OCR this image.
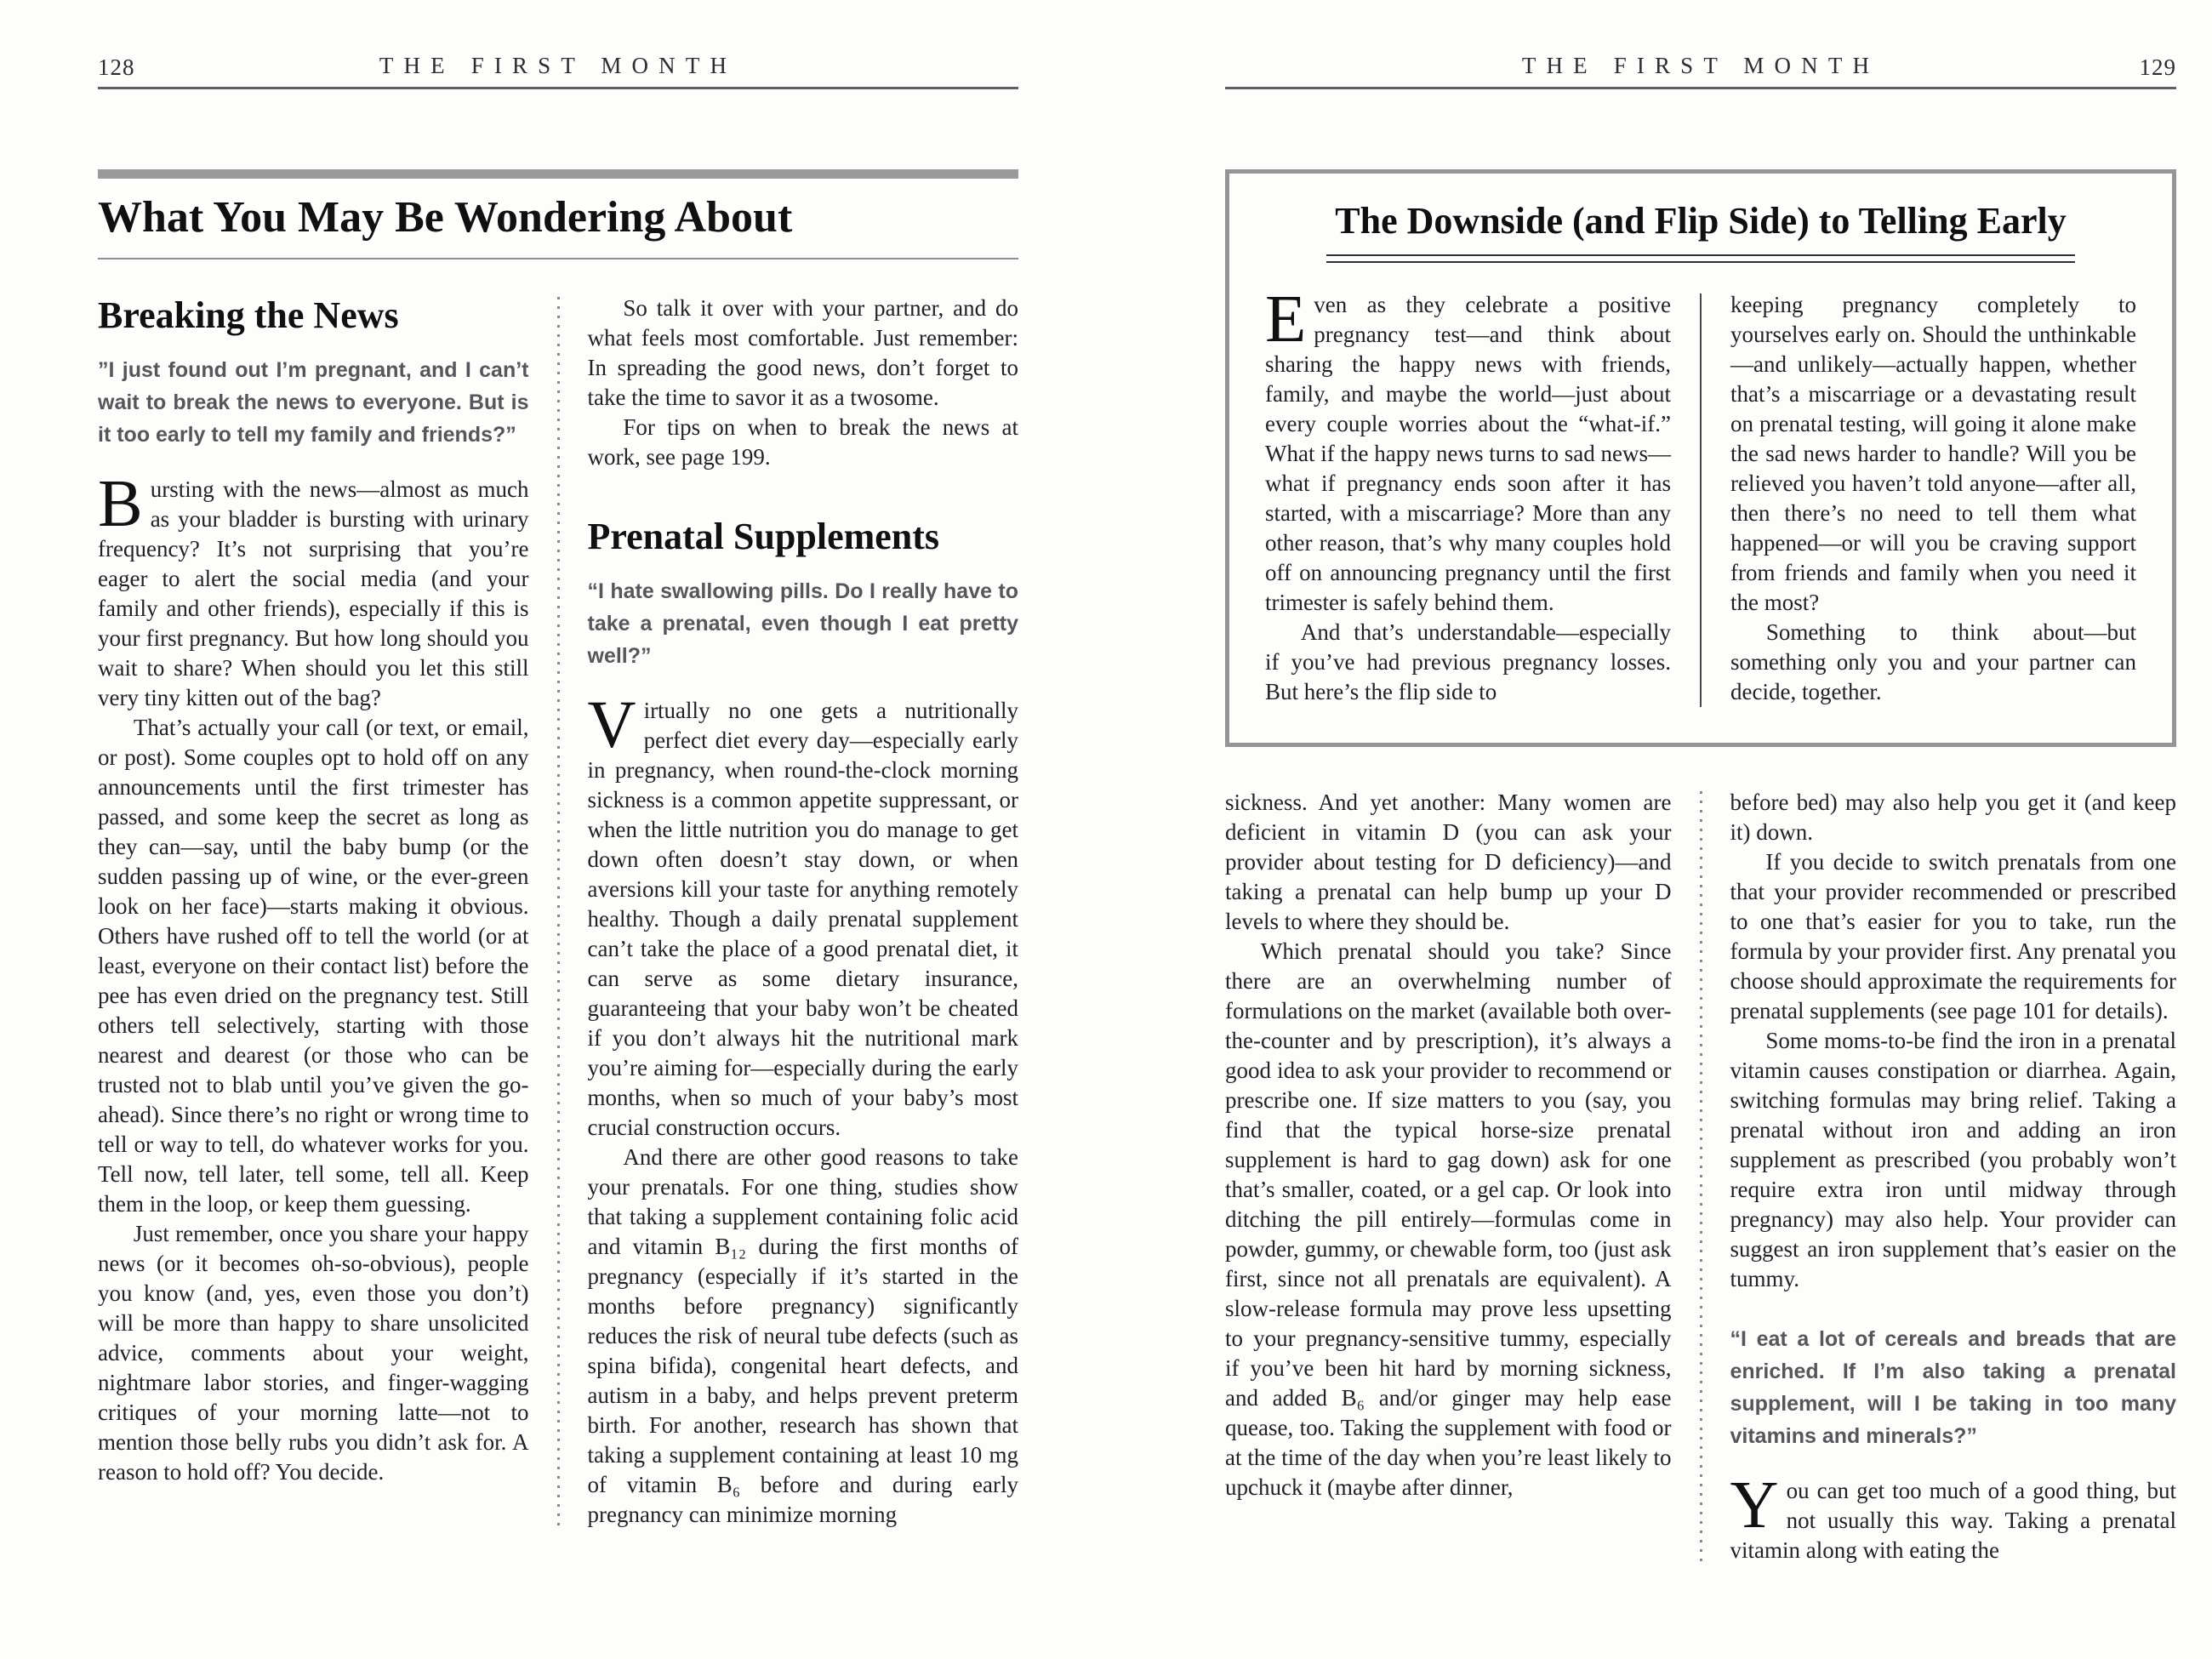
128	THE FIRST MONTH
What You May Be Wondering About
Breaking the News

”I just found out I’m pregnant, and I can’t wait to break the news to everyone. But is it too early to tell my family and friends?”

Bursting with the news—almost as much as your bladder is bursting with urinary frequency? It’s not surprising that you’re eager to alert the social media (and your family and other friends), especially if this is your first pregnancy. But how long should you wait to share? When should you let this still very tiny kitten out of the bag?

That’s actually your call (or text, or email, or post). Some couples opt to hold off on any announcements until the first trimester has passed, and some keep the secret as long as they can—say, until the baby bump (or the sudden passing up of wine, or the ever-green look on her face)—starts making it obvious. Others have rushed off to tell the world (or at least, everyone on their contact list) before the pee has even dried on the pregnancy test. Still others tell selectively, starting with those nearest and dearest (or those who can be trusted not to blab until you’ve given the go-ahead). Since there’s no right or wrong time to tell or way to tell, do whatever works for you. Tell now, tell later, tell some, tell all. Keep them in the loop, or keep them guessing.

Just remember, once you share your happy news (or it becomes oh-so-obvious), people you know (and, yes, even those you don’t) will be more than happy to share unsolicited advice, comments about your weight, nightmare labor stories, and finger-wagging critiques of your morning latte—not to mention those belly rubs you didn’t ask for. A reason to hold off? You decide.

So talk it over with your partner, and do what feels most comfortable. Just remember: In spreading the good news, don’t forget to take the time to savor it as a twosome.

For tips on when to break the news at work, see page 199.

Prenatal Supplements

“I hate swallowing pills. Do I really have to take a prenatal, even though I eat pretty well?”

Virtually no one gets a nutritionally perfect diet every day—especially early in pregnancy, when round-the-clock morning sickness is a common appetite suppressant, or when the little nutrition you do manage to get down often doesn’t stay down, or when aversions kill your taste for anything remotely healthy. Though a daily prenatal supplement can’t take the place of a good prenatal diet, it can serve as some dietary insurance, guaranteeing that your baby won’t be cheated if you don’t always hit the nutritional mark you’re aiming for—especially during the early months, when so much of your baby’s most crucial construction occurs.

And there are other good reasons to take your prenatals. For one thing, studies show that taking a supplement containing folic acid and vitamin B₁₂ during the first months of pregnancy (especially if it’s started in the months before pregnancy) significantly reduces the risk of neural tube defects (such as spina bifida), congenital heart defects, and autism in a baby, and helps prevent preterm birth. For another, research has shown that taking a supplement containing at least 10 mg of vitamin B₆ before and during early pregnancy can minimize morning

THE FIRST MONTH	129
The Downside (and Flip Side) to Telling Early

Even as they celebrate a positive pregnancy test—and think about sharing the happy news with friends, family, and maybe the world—just about every couple worries about the “what-if.” What if the happy news turns to sad news—what if pregnancy ends soon after it has started, with a miscarriage? More than any other reason, that’s why many couples hold off on announcing pregnancy until the first trimester is safely behind them.

And that’s understandable—especially if you’ve had previous pregnancy losses. But here’s the flip side to

keeping pregnancy completely to yourselves early on. Should the unthinkable—and unlikely—actually happen, whether that’s a miscarriage or a devastating result on prenatal testing, will going it alone make the sad news harder to handle? Will you be relieved you haven’t told anyone—after all, then there’s no need to tell them what happened—or will you be craving support from friends and family when you need it the most?

Something to think about—but something only you and your partner can decide, together.

sickness. And yet another: Many women are deficient in vitamin D (you can ask your provider about testing for D deficiency)—and taking a prenatal can help bump up your D levels to where they should be.

Which prenatal should you take? Since there are an overwhelming number of formulations on the market (available both over-the-counter and by prescription), it’s always a good idea to ask your provider to recommend or prescribe one. If size matters to you (say, you find that the typical horse-size prenatal supplement is hard to gag down) ask for one that’s smaller, coated, or a gel cap. Or look into ditching the pill entirely—formulas come in powder, gummy, or chewable form, too (just ask first, since not all prenatals are equivalent). A slow-release formula may prove less upsetting to your pregnancy-sensitive tummy, especially if you’ve been hit hard by morning sickness, and added B₆ and/or ginger may help ease quease, too. Taking the supplement with food or at the time of the day when you’re least likely to upchuck it (maybe after dinner,

before bed) may also help you get it (and keep it) down.

If you decide to switch prenatals from one that your provider recommended or prescribed to one that’s easier for you to take, run the formula by your provider first. Any prenatal you choose should approximate the requirements for prenatal supplements (see page 101 for details).

Some moms-to-be find the iron in a prenatal vitamin causes constipation or diarrhea. Again, switching formulas may bring relief. Taking a prenatal without iron and adding an iron supplement as prescribed (you probably won’t require extra iron until midway through pregnancy) may also help. Your provider can suggest an iron supplement that’s easier on the tummy.

“I eat a lot of cereals and breads that are enriched. If I’m also taking a prenatal supplement, will I be taking in too many vitamins and minerals?”

You can get too much of a good thing, but not usually this way. Taking a prenatal vitamin along with eating the
